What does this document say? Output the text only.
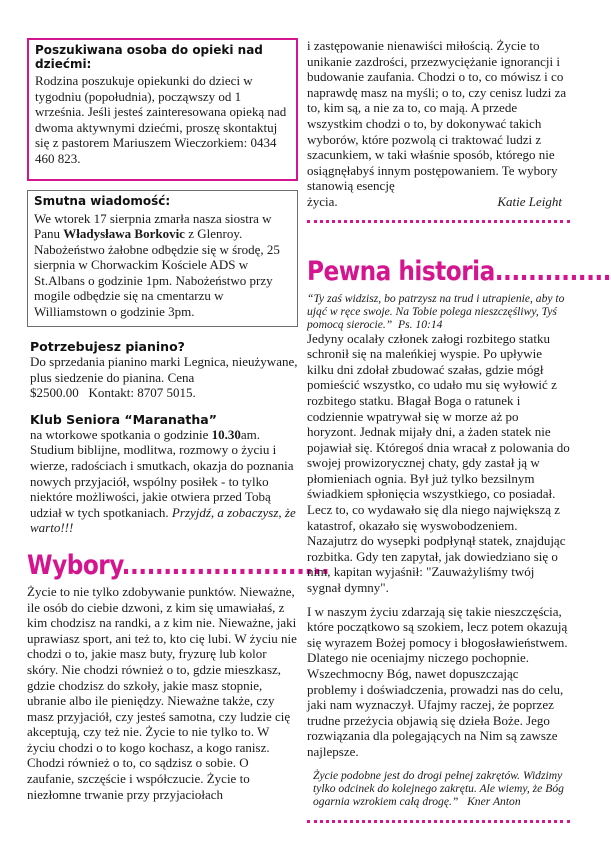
Poszukiwana osoba do opieki nad dziećmi:

Rodzina poszukuje opiekunki do dzieci w tygodniu (popołudnia), począwszy od 1 września. Jeśli jesteś zainteresowana opieką nad dwoma aktywnymi dziećmi, proszę skontaktuj się z pastorem Mariuszem Wieczorkiem: 0434 460 823.

Smutna wiadomość:

We wtorek 17 sierpnia zmarła nasza siostra w Panu Władysława Borkovic z Glenroy. Nabożeństwo żałobne odbędzie się w środę, 25 sierpnia w Chorwackim Kościele ADS w St.Albans o godzinie 1pm. Nabożeństwo przy mogile odbędzie się na cmentarzu w Williamstown o godzinie 3pm.

Potrzebujesz pianino?

Do sprzedania pianino marki Legnica, nieużywane, plus siedzenie do pianina. Cena $2500.00 Kontakt: 8707 5015.

Klub Seniora “Maranatha”

na wtorkowe spotkania o godzinie 10.30am. Studium biblijne, modlitwa, rozmowy o życiu i wierze, radościach i smutkach, okazja do poznania nowych przyjaciół, wspólny posiłek - to tylko niektóre możliwości, jakie otwiera przed Tobą udział w tych spotkaniach. Przyjdź, a zobaczysz, że warto!!!

Wybory.........................

Życie to nie tylko zdobywanie punktów. Nieważne, ile osób do ciebie dzwoni, z kim się umawiałaś, z kim chodzisz na randki, a z kim nie. Nieważne, jaki uprawiasz sport, ani też to, kto cię lubi. W życiu nie chodzi o to, jakie masz buty, fryzurę lub kolor skóry. Nie chodzi również o to, gdzie mieszkasz, gdzie chodzisz do szkoły, jakie masz stopnie, ubranie albo ile pieniędzy. Nieważne także, czy masz przyjaciół, czy jesteś samotna, czy ludzie cię akceptują, czy też nie. Życie to nie tylko to. W życiu chodzi o to kogo kochasz, a kogo ranisz. Chodzi również o to, co sądzisz o sobie. O zaufanie, szczęście i współczucie. Życie to niezłomne trwanie przy przyjaciołach

i zastępowanie nienawiści miłością. Życie to unikanie zazdrości, przezwyciężanie ignorancji i budowanie zaufania. Chodzi o to, co mówisz i co naprawdę masz na myśli; o to, czy cenisz ludzi za to, kim są, a nie za to, co mają. A przede wszystkim chodzi o to, by dokonywać takich wyborów, które pozwolą ci traktować ludzi z szacunkiem, w taki właśnie sposób, którego nie osiągnęłabyś innym postępowaniem. Te wybory stanowią esencję

życia.	Katie Leight

Pewna historia..............

“Ty zaś widzisz, bo patrzysz na trud i utrapienie, aby to ująć w ręce swoje. Na Tobie polega nieszczęśliwy, Tyś pomocą sierocie.” Ps. 10:14

Jedyny ocalały członek załogi rozbitego statku schronił się na maleńkiej wyspie. Po upływie kilku dni zdołał zbudować szałas, gdzie mógł pomieścić wszystko, co udało mu się wyłowić z rozbitego statku. Błagał Boga o ratunek i codziennie wpatrywał się w morze aż po horyzont. Jednak mijały dni, a żaden statek nie pojawiał się. Któregoś dnia wracał z polowania do swojej prowizorycznej chaty, gdy zastał ją w płomieniach ognia. Był już tylko bezsilnym świadkiem spłonięcia wszystkiego, co posiadał. Lecz to, co wydawało się dla niego największą z katastrof, okazało się wyswobodzeniem. Nazajutrz do wysepki podpłynął statek, znajdując rozbitka. Gdy ten zapytał, jak dowiedziano się o nim, kapitan wyjaśnił: "Zauważyliśmy twój sygnał dymny".

I w naszym życiu zdarzają się takie nieszczęścia, które początkowo są szokiem, lecz potem okazują się wyrazem Bożej pomocy i błogosławieństwem. Dlatego nie oceniajmy niczego pochopnie. Wszechmocny Bóg, nawet dopuszczając problemy i doświadczenia, prowadzi nas do celu, jaki nam wyznaczył. Ufajmy raczej, że poprzez trudne przeżycia objawią się dzieła Boże. Jego rozwiązania dla polegających na Nim są zawsze najlepsze.

Życie podobne jest do drogi pełnej zakrętów. Widzimy tylko odcinek do kolejnego zakrętu. Ale wiemy, że Bóg ogarnia wzrokiem całą drogę.” Kner Anton
